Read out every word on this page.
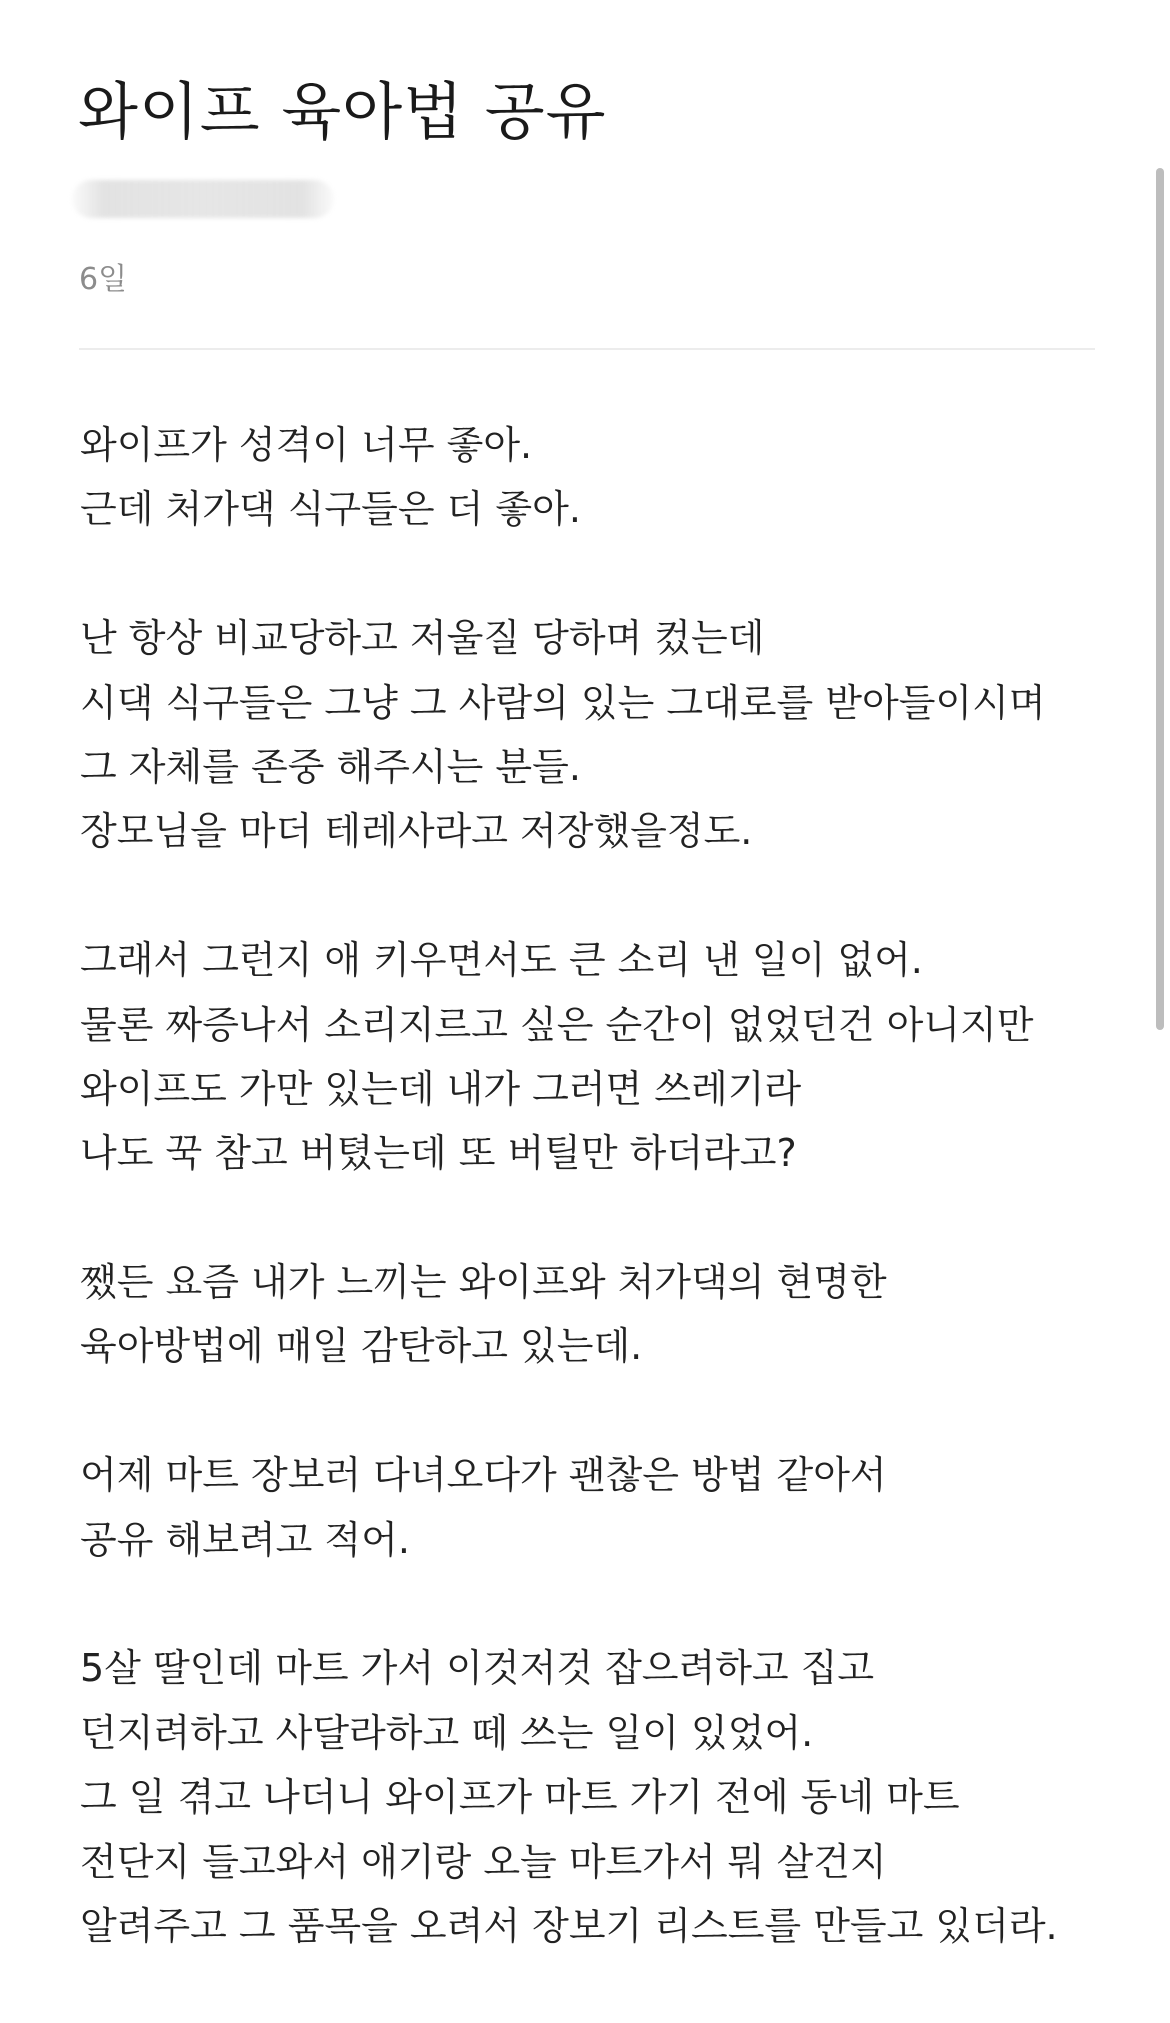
와이프 육아법 공유
6일
와이프가 성격이 너무 좋아.
근데 처가댁 식구들은 더 좋아.
난 항상 비교당하고 저울질 당하며 컸는데
시댁 식구들은 그냥 그 사람의 있는 그대로를 받아들이시며
그 자체를 존중 해주시는 분들.
장모님을 마더 테레사라고 저장했을정도.
그래서 그런지 애 키우면서도 큰 소리 낸 일이 없어.
물론 짜증나서 소리지르고 싶은 순간이 없었던건 아니지만
와이프도 가만 있는데 내가 그러면 쓰레기라
나도 꾹 참고 버텼는데 또 버틸만 하더라고?
쨌든 요즘 내가 느끼는 와이프와 처가댁의 현명한
육아방법에 매일 감탄하고 있는데.
어제 마트 장보러 다녀오다가 괜찮은 방법 같아서
공유 해보려고 적어.
5살 딸인데 마트 가서 이것저것 잡으려하고 집고
던지려하고 사달라하고 떼 쓰는 일이 있었어.
그 일 겪고 나더니 와이프가 마트 가기 전에 동네 마트
전단지 들고와서 애기랑 오늘 마트가서 뭐 살건지
알려주고 그 품목을 오려서 장보기 리스트를 만들고 있더라.
